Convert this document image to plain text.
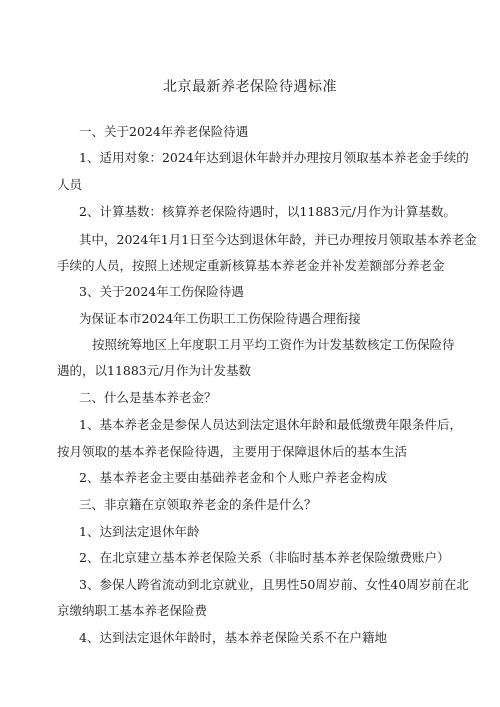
北京最新养老保险待遇标准
一、关于2024年养老保险待遇
1、适用对象：2024年达到退休年龄并办理按月领取基本养老金手续的
人员
2、计算基数：核算养老保险待遇时，以11883元/月作为计算基数。
其中，2024年1月1日至今达到退休年龄，并已办理按月领取基本养老金
手续的人员，按照上述规定重新核算基本养老金并补发差额部分养老金
3、关于2024年工伤保险待遇
为保证本市2024年工伤职工工伤保险待遇合理衔接
按照统筹地区上年度职工月平均工资作为计发基数核定工伤保险待
遇的，以11883元/月作为计发基数
二、什么是基本养老金？
1、基本养老金是参保人员达到法定退休年龄和最低缴费年限条件后，
按月领取的基本养老保险待遇，主要用于保障退休后的基本生活
2、基本养老金主要由基础养老金和个人账户养老金构成
三、非京籍在京领取养老金的条件是什么？
1、达到法定退休年龄
2、在北京建立基本养老保险关系（非临时基本养老保险缴费账户）
3、参保人跨省流动到北京就业，且男性50周岁前、女性40周岁前在北
京缴纳职工基本养老保险费
4、达到法定退休年龄时，基本养老保险关系不在户籍地
